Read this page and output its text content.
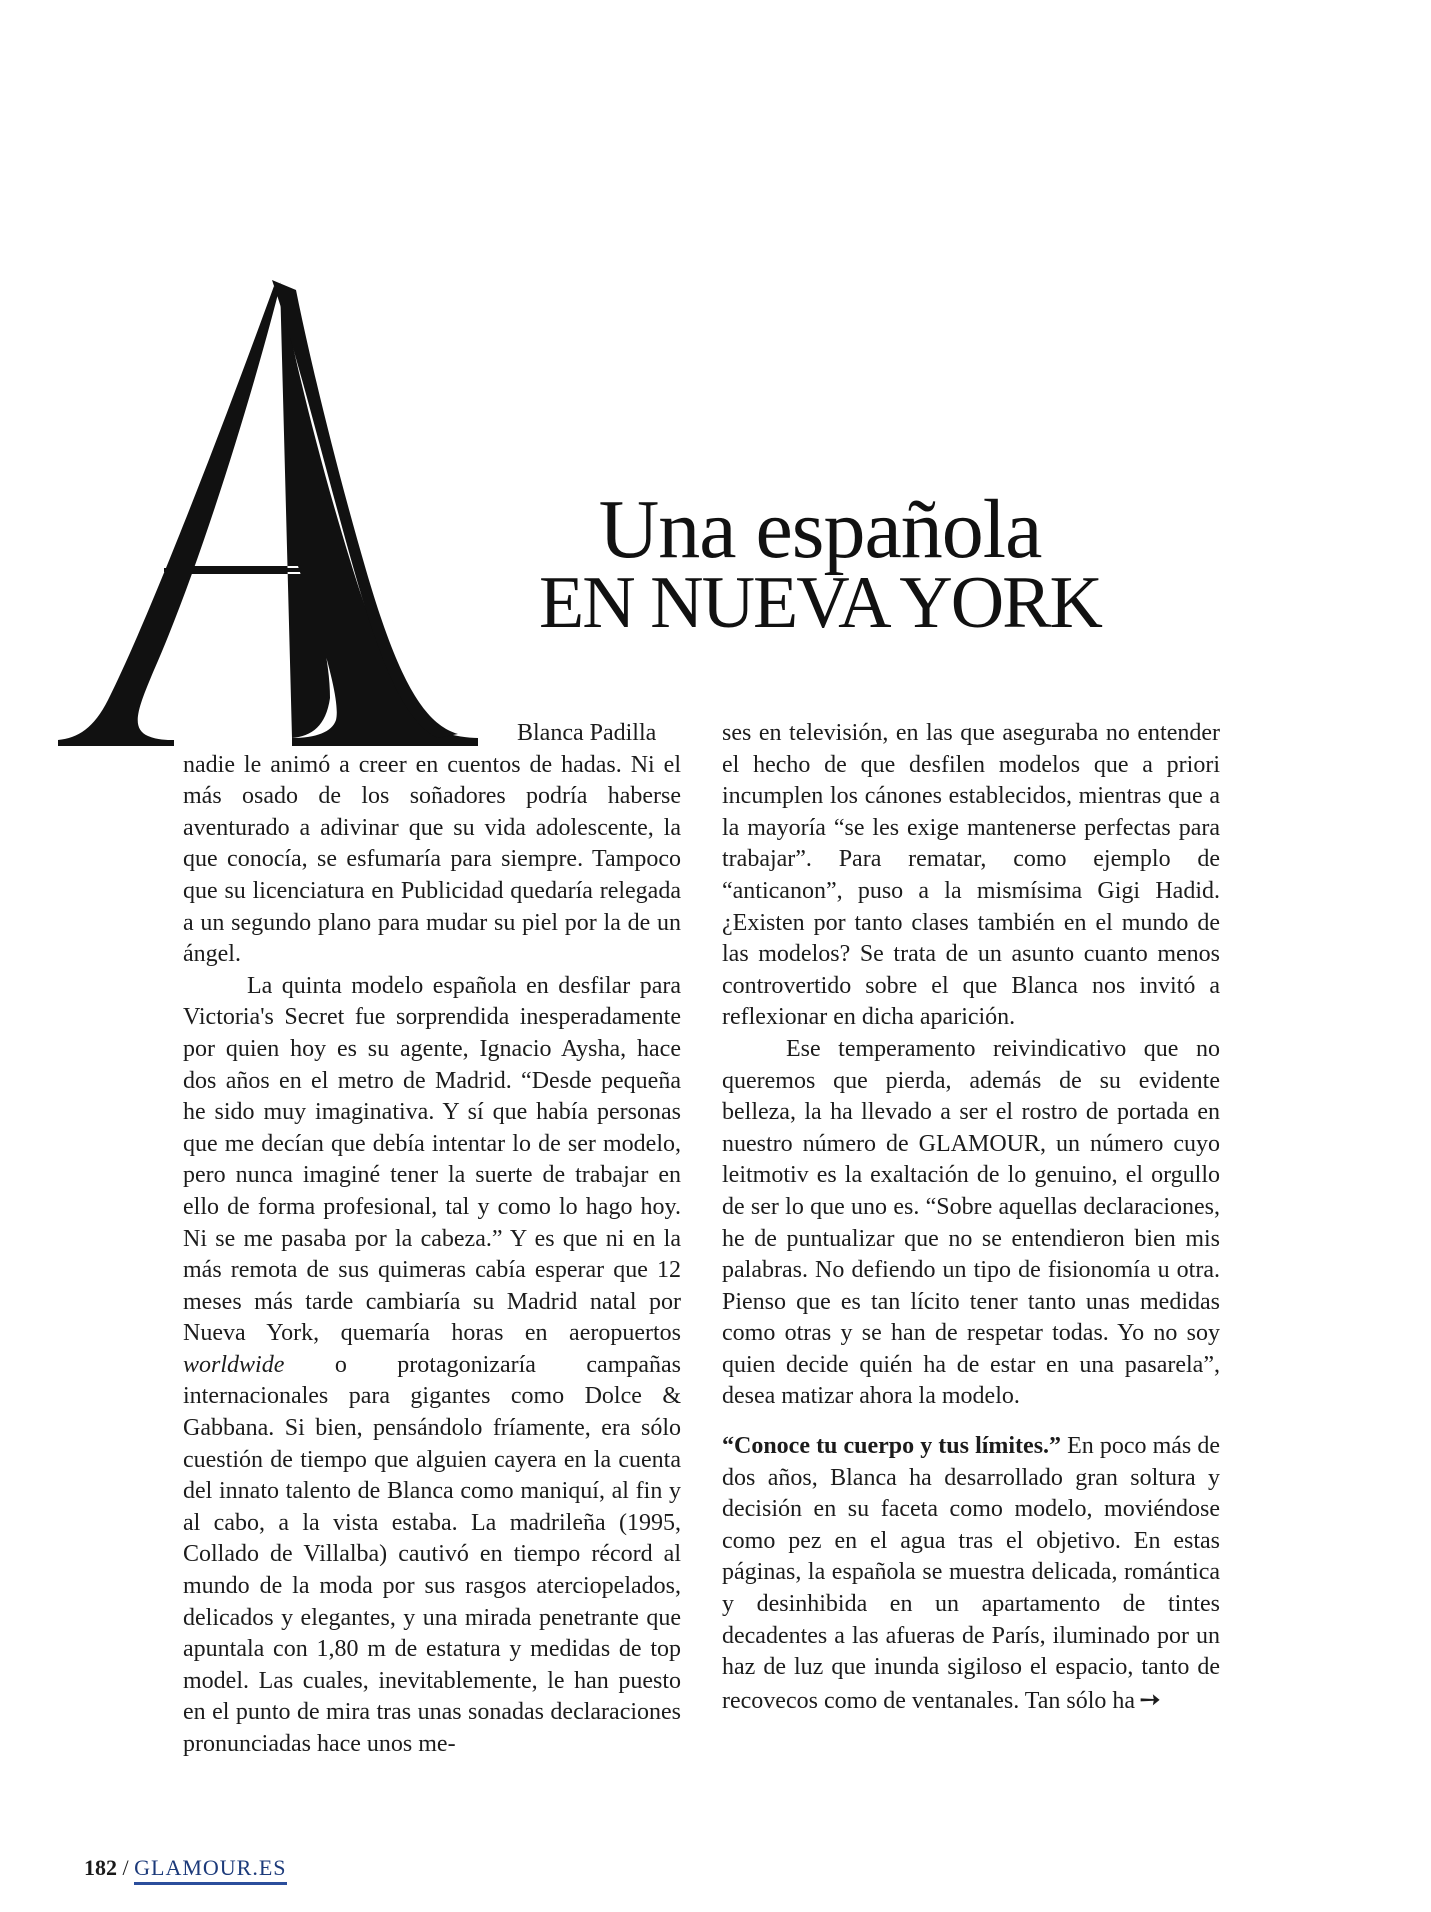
Una española
EN NUEVA YORK

Blanca Padilla
nadie le animó a creer en cuentos de hadas. Ni el más osado de los soñadores podría haberse aventurado a adivinar que su vida adolescente, la que conocía, se esfumaría para siempre. Tampoco que su licenciatura en Publicidad quedaría relegada a un segundo plano para mudar su piel por la de un ángel.

La quinta modelo española en desfilar para Victoria's Secret fue sorprendida inesperadamente por quien hoy es su agente, Ignacio Aysha, hace dos años en el metro de Madrid. “Desde pequeña he sido muy imaginativa. Y sí que había personas que me decían que debía intentar lo de ser modelo, pero nunca imaginé tener la suerte de trabajar en ello de forma profesional, tal y como lo hago hoy. Ni se me pasaba por la cabeza.” Y es que ni en la más remota de sus quimeras cabía esperar que 12 meses más tarde cambiaría su Madrid natal por Nueva York, quemaría horas en aeropuertos worldwide o protagonizaría campañas internacionales para gigantes como Dolce & Gabbana. Si bien, pensándolo fríamente, era sólo cuestión de tiempo que alguien cayera en la cuenta del innato talento de Blanca como maniquí, al fin y al cabo, a la vista estaba. La madrileña (1995, Collado de Villalba) cautivó en tiempo récord al mundo de la moda por sus rasgos aterciopelados, delicados y elegantes, y una mirada penetrante que apuntala con 1,80 m de estatura y medidas de top model. Las cuales, inevitablemente, le han puesto en el punto de mira tras unas sonadas declaraciones pronunciadas hace unos me-

ses en televisión, en las que aseguraba no entender el hecho de que desfilen modelos que a priori incumplen los cánones establecidos, mientras que a la mayoría “se les exige mantenerse perfectas para trabajar”. Para rematar, como ejemplo de “anticanon”, puso a la mismísima Gigi Hadid. ¿Existen por tanto clases también en el mundo de las modelos? Se trata de un asunto cuanto menos controvertido sobre el que Blanca nos invitó a reflexionar en dicha aparición.

Ese temperamento reivindicativo que no queremos que pierda, además de su evidente belleza, la ha llevado a ser el rostro de portada en nuestro número de GLAMOUR, un número cuyo leitmotiv es la exaltación de lo genuino, el orgullo de ser lo que uno es. “Sobre aquellas declaraciones, he de puntualizar que no se entendieron bien mis palabras. No defiendo un tipo de fisionomía u otra. Pienso que es tan lícito tener tanto unas medidas como otras y se han de respetar todas. Yo no soy quien decide quién ha de estar en una pasarela”, desea matizar ahora la modelo.

“Conoce tu cuerpo y tus límites.” En poco más de dos años, Blanca ha desarrollado gran soltura y decisión en su faceta como modelo, moviéndose como pez en el agua tras el objetivo. En estas páginas, la española se muestra delicada, romántica y desinhibida en un apartamento de tintes decadentes a las afueras de París, iluminado por un haz de luz que inunda sigiloso el espacio, tanto de recovecos como de ventanales. Tan sólo ha ➙

182 / GLAMOUR.ES
